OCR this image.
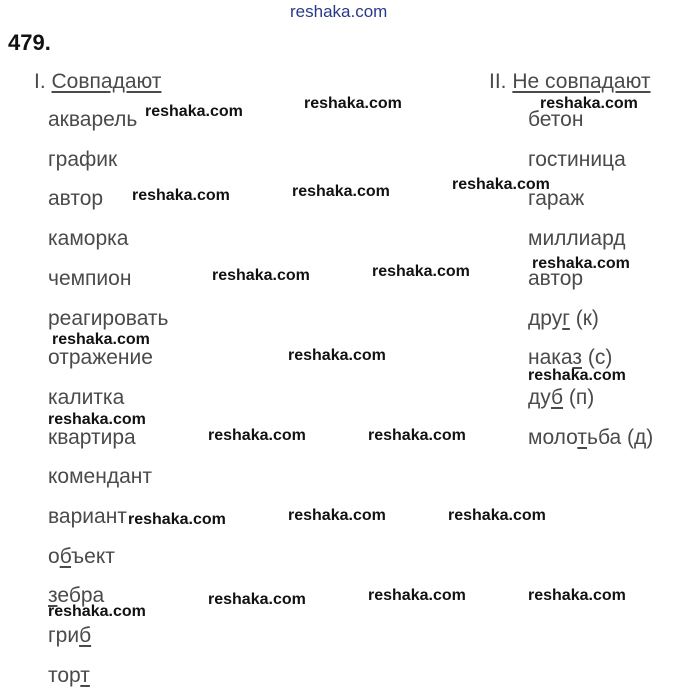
reshaka.com
479.
I. Совпадают	II. Не совпадают
акварель
график
автор
каморка
чемпион
реагировать
отражение
калитка
квартира
комендант
вариант
объект
зебра
гриб
торт
бетон
гостиница
гараж
миллиард
автор
друг (к)
наказ (с)
дуб (п)
молотьба (д)
reshaka.com	reshaka.com	reshaka.com
reshaka.com	reshaka.com	reshaka.com
reshaka.com
reshaka.com	reshaka.com
reshaka.com
reshaka.com
reshaka.com
reshaka.com
reshaka.com	reshaka.com
reshaka.com	reshaka.com	reshaka.com
reshaka.com
reshaka.com	reshaka.com	reshaka.com
